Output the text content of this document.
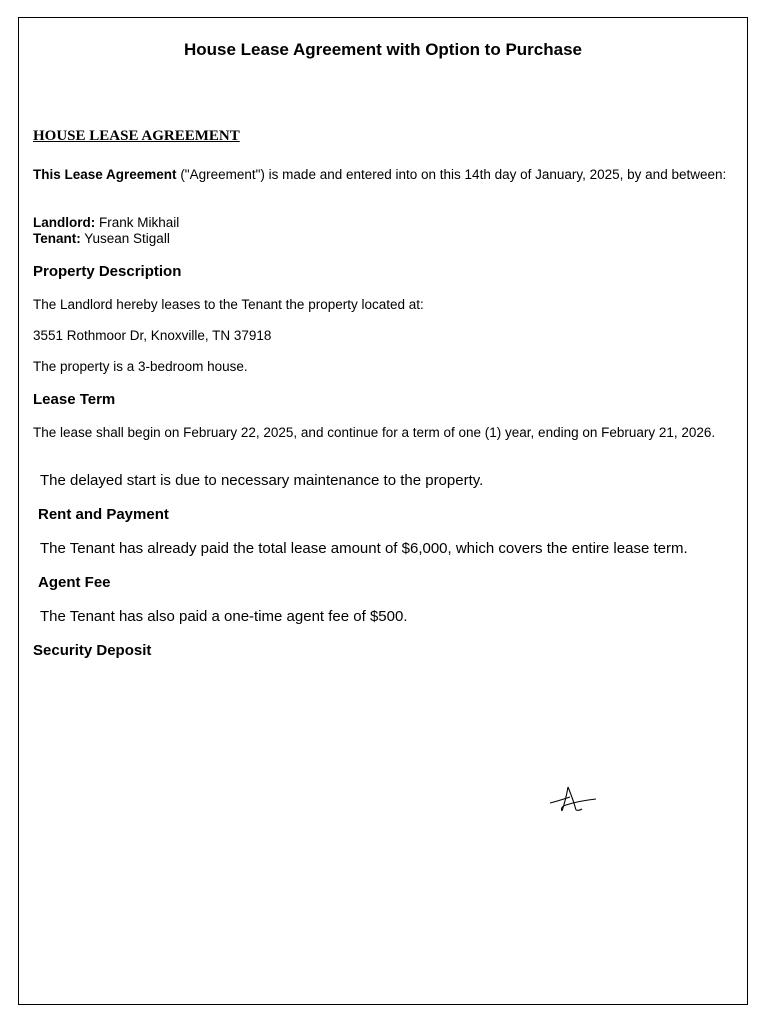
House Lease Agreement with Option to Purchase

HOUSE LEASE AGREEMENT

This Lease Agreement ("Agreement") is made and entered into on this 14th day of January, 2025, by and between:

Landlord: Frank Mikhail

Tenant: Yusean Stigall

Property Description

The Landlord hereby leases to the Tenant the property located at:

3551 Rothmoor Dr, Knoxville, TN 37918

The property is a 3-bedroom house.

Lease Term

The lease shall begin on February 22, 2025, and continue for a term of one (1) year, ending on February 21, 2026.

The delayed start is due to necessary maintenance to the property.

Rent and Payment

The Tenant has already paid the total lease amount of $6,000, which covers the entire lease term.

Agent Fee

The Tenant has also paid a one-time agent fee of $500.

Security Deposit
